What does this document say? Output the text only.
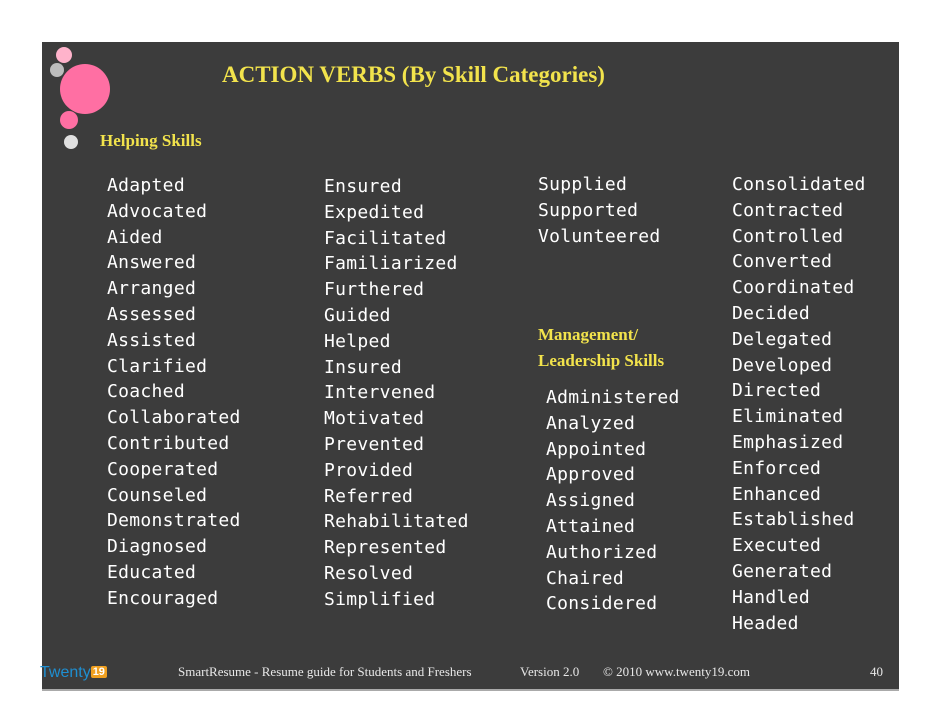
ACTION VERBS (By Skill Categories)
Helping Skills
Adapted
Advocated
Aided
Answered
Arranged
Assessed
Assisted
Clarified
Coached
Collaborated
Contributed
Cooperated
Counseled
Demonstrated
Diagnosed
Educated
Encouraged
Ensured
Expedited
Facilitated
Familiarized
Furthered
Guided
Helped
Insured
Intervened
Motivated
Prevented
Provided
Referred
Rehabilitated
Represented
Resolved
Simplified
Supplied
Supported
Volunteered
Management/
Leadership Skills
Administered
Analyzed
Appointed
Approved
Assigned
Attained
Authorized
Chaired
Considered
Consolidated
Contracted
Controlled
Converted
Coordinated
Decided
Delegated
Developed
Directed
Eliminated
Emphasized
Enforced
Enhanced
Established
Executed
Generated
Handled
Headed
Twenty 19	SmartResume - Resume guide for Students and Freshers	Version 2.0 © 2010 www.twenty19.com	40
